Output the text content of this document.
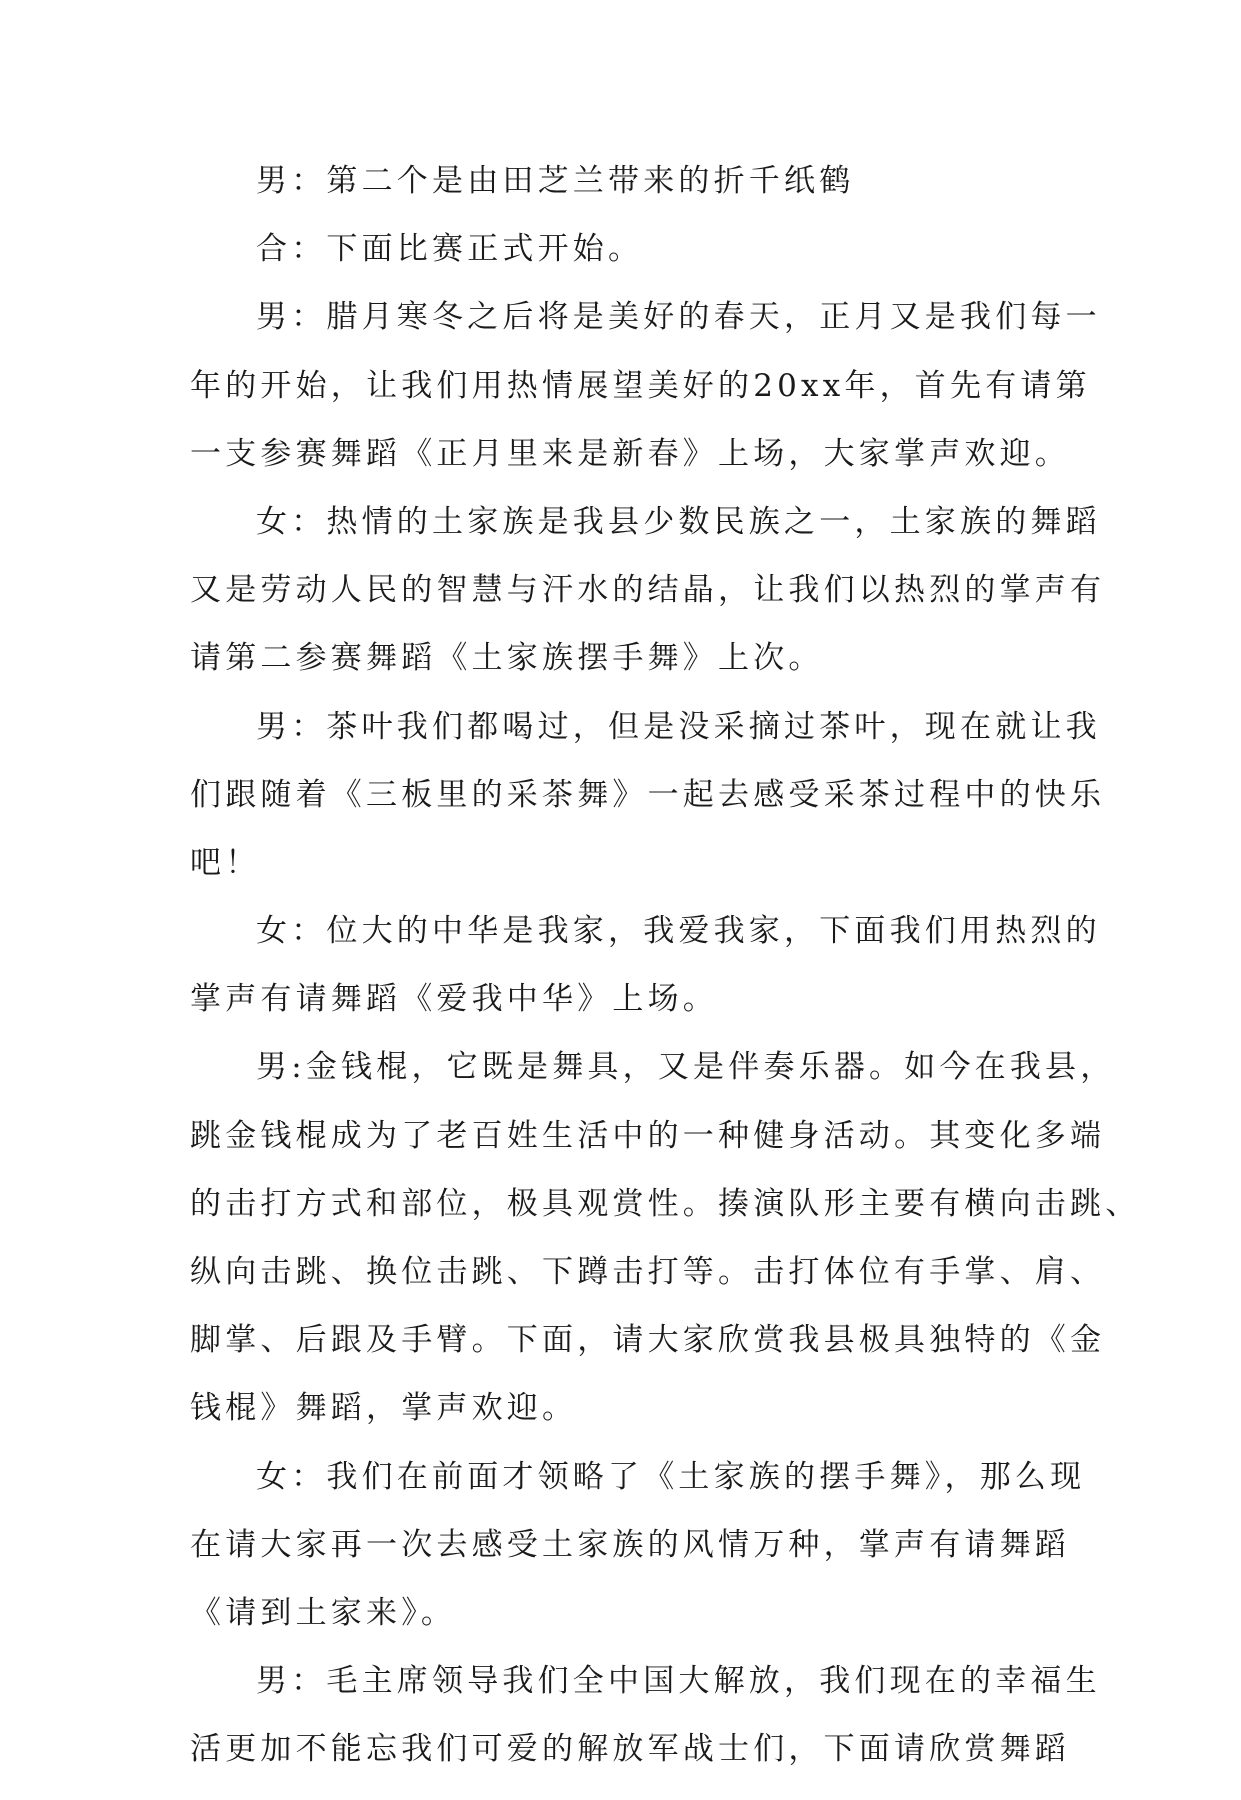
男：第二个是由田芝兰带来的折千纸鹤
合：下面比赛正式开始。
男：腊月寒冬之后将是美好的春天，正月又是我们每一
年的开始，让我们用热情展望美好的20xx年，首先有请第
一支参赛舞蹈《正月里来是新春》上场，大家掌声欢迎。
女：热情的土家族是我县少数民族之一，土家族的舞蹈
又是劳动人民的智慧与汗水的结晶，让我们以热烈的掌声有
请第二参赛舞蹈《土家族摆手舞》上次。
男：茶叶我们都喝过，但是没采摘过茶叶，现在就让我
们跟随着《三板里的采茶舞》一起去感受采茶过程中的快乐
吧！
女：位大的中华是我家，我爱我家，下面我们用热烈的
掌声有请舞蹈《爱我中华》上场。
男:金钱棍，它既是舞具，又是伴奏乐器。如今在我县，
跳金钱棍成为了老百姓生活中的一种健身活动。其变化多端
的击打方式和部位，极具观赏性。揍演队形主要有横向击跳、
纵向击跳、换位击跳、下蹲击打等。击打体位有手掌、肩、
脚掌、后跟及手臂。下面，请大家欣赏我县极具独特的《金
钱棍》舞蹈，掌声欢迎。
女：我们在前面才领略了《土家族的摆手舞》，那么现
在请大家再一次去感受土家族的风情万种，掌声有请舞蹈
《请到土家来》。
男：毛主席领导我们全中国大解放，我们现在的幸福生
活更加不能忘我们可爱的解放军战士们，下面请欣赏舞蹈
